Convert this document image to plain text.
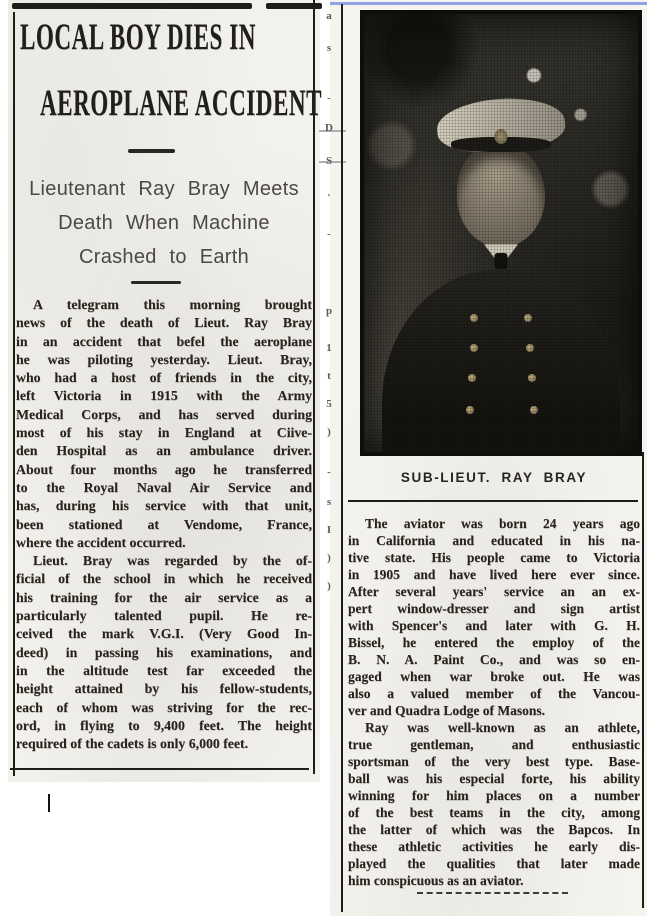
LOCAL BOY DIES IN
AEROPLANE ACCIDENT
Lieutenant Ray Bray Meets
Death When Machine
Crashed to Earth
A telegram this morning brought
news of the death of Lieut. Ray Bray
in an accident that befel the aeroplane
he was piloting yesterday. Lieut. Bray,
who had a host of friends in the city,
left Victoria in 1915 with the Army
Medical Corps, and has served during
most of his stay in England at Ciive-
den Hospital as an ambulance driver.
About four months ago he transferred
to the Royal Naval Air Service and
has, during his service with that unit,
been stationed at Vendome, France,
where the accident occurred.
Lieut. Bray was regarded by the of-
ficial of the school in which he received
his training for the air service as a
particularly talented pupil. He re-
ceived the mark V.G.I. (Very Good In-
deed) in passing his examinations, and
in the altitude test far exceeded the
height attained by his fellow-students,
each of whom was striving for the rec-
ord, in flying to 9,400 feet. The height
required of the cadets is only 6,000 feet.
SUB-LIEUT. RAY BRAY
The aviator was born 24 years ago
in California and educated in his na-
tive state. His people came to Victoria
in 1905 and have lived here ever since.
After several years' service an an ex-
pert window-dresser and sign artist
with Spencer's and later with G. H.
Bissel, he entered the employ of the
B. N. A. Paint Co., and was so en-
gaged when war broke out. He was
also a valued member of the Vancou-
ver and Quadra Lodge of Masons.
Ray was well-known as an athlete,
true gentleman, and enthusiastic
sportsman of the very best type. Base-
ball was his especial forte, his ability
winning for him places on a number
of the best teams in the city, among
the latter of which was the Bapcos. In
these athletic activities he early dis-
played the qualities that later made
him conspicuous as an aviator.
a
s
-
D
S
'
-
p
1
t
5
)
-
s
I
)
)
